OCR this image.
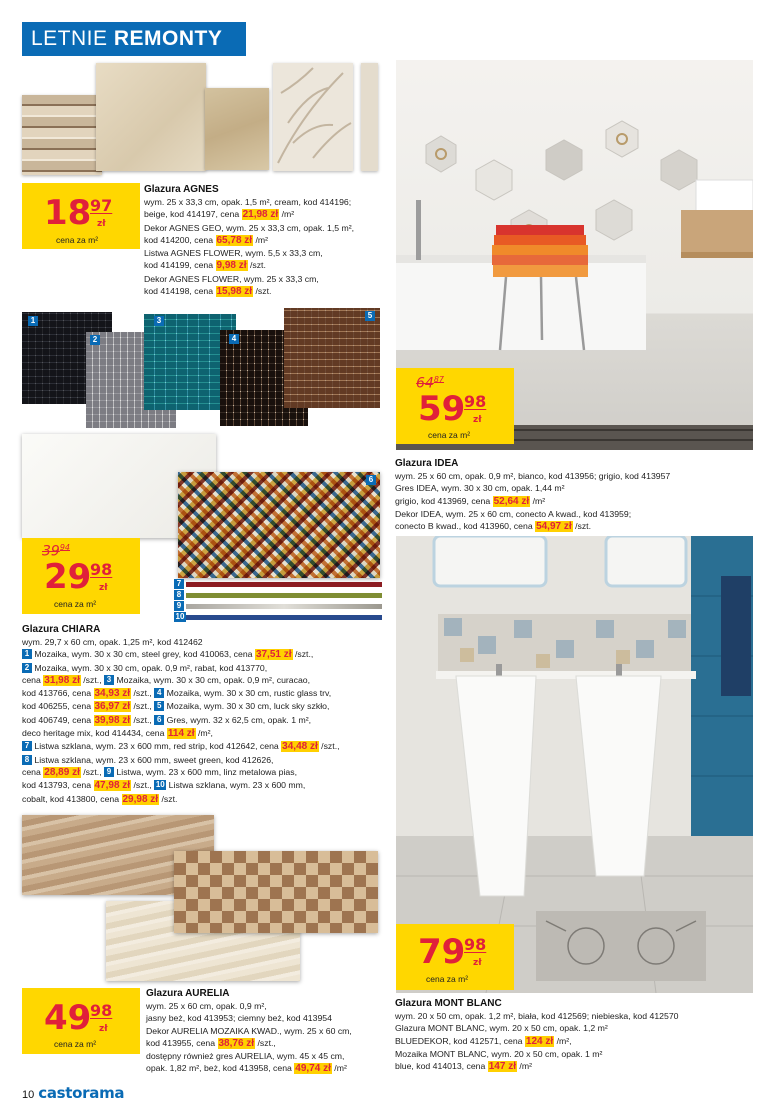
LETNIE REMONTY
18
97
zł
cena za m²
Glazura AGNES
wym. 25 x 33,3 cm, opak. 1,5 m², cream, kod 414196;
beige, kod 414197, cena 21,98 zł /m²
Dekor AGNES GEO, wym. 25 x 33,3 cm, opak. 1,5 m²,
kod 414200, cena 65,78 zł /m²
Listwa AGNES FLOWER, wym. 5,5 x 33,3 cm,
kod 414199, cena 9,98 zł /szt.
Dekor AGNES FLOWER, wym. 25 x 33,3 cm,
kod 414198, cena 15,98 zł /szt.
$64^{87}$
59
98
zł
cena za m²
Glazura IDEA
wym. 25 x 60 cm, opak. 0,9 m², bianco, kod 413956; grigio, kod 413957
Gres IDEA, wym. 30 x 30 cm, opak. 1,44 m²
grigio, kod 413969, cena 52,64 zł /m²
Dekor IDEA, wym. 25 x 60 cm, conecto A kwad., kod 413959;
conecto B kwad., kod 413960, cena 54,97 zł /szt.
1
2
3
4
5
6
7
8
9
10
$39^{94}$
29
98
zł
cena za m²
Glazura CHIARA
wym. 29,7 x 60 cm, opak. 1,25 m², kod 412462
1 Mozaika, wym. 30 x 30 cm, steel grey, kod 410063, cena 37,51 zł /szt.,
2 Mozaika, wym. 30 x 30 cm, opak. 0,9 m², rabat, kod 413770,
cena 31,98 zł /szt., 3 Mozaika, wym. 30 x 30 cm, opak. 0,9 m², curacao,
kod 413766, cena 34,93 zł /szt., 4 Mozaika, wym. 30 x 30 cm, rustic glass trv,
kod 406255, cena 36,97 zł /szt., 5 Mozaika, wym. 30 x 30 cm, luck sky szkło,
kod 406749, cena 39,98 zł /szt., 6 Gres, wym. 32 x 62,5 cm, opak. 1 m²,
deco heritage mix, kod 414434, cena 114 zł /m²,
7 Listwa szklana, wym. 23 x 600 mm, red strip, kod 412642, cena 34,48 zł /szt.,
8 Listwa szklana, wym. 23 x 600 mm, sweet green, kod 412626,
cena 28,89 zł /szt., 9 Listwa, wym. 23 x 600 mm, linz metalowa pias,
kod 413793, cena 47,98 zł /szt., 10 Listwa szklana, wym. 23 x 600 mm,
cobalt, kod 413800, cena 29,98 zł /szt.
49
98
zł
cena za m²
Glazura AURELIA
wym. 25 x 60 cm, opak. 0,9 m²,
jasny beż, kod 413953; ciemny beż, kod 413954
Dekor AURELIA MOZAIKA KWAD., wym. 25 x 60 cm,
kod 413955, cena 38,76 zł /szt.,
dostępny również gres AURELIA, wym. 45 x 45 cm,
opak. 1,82 m², beż, kod 413958, cena 49,74 zł /m²
79
98
zł
cena za m²
Glazura MONT BLANC
wym. 20 x 50 cm, opak. 1,2 m², biała, kod 412569; niebieska, kod 412570
Glazura MONT BLANC, wym. 20 x 50 cm, opak. 1,2 m²
BLUEDEKOR, kod 412571, cena 124 zł /m²,
Mozaika MONT BLANC, wym. 20 x 50 cm, opak. 1 m²
blue, kod 414013, cena 147 zł /m²
10 castorama
